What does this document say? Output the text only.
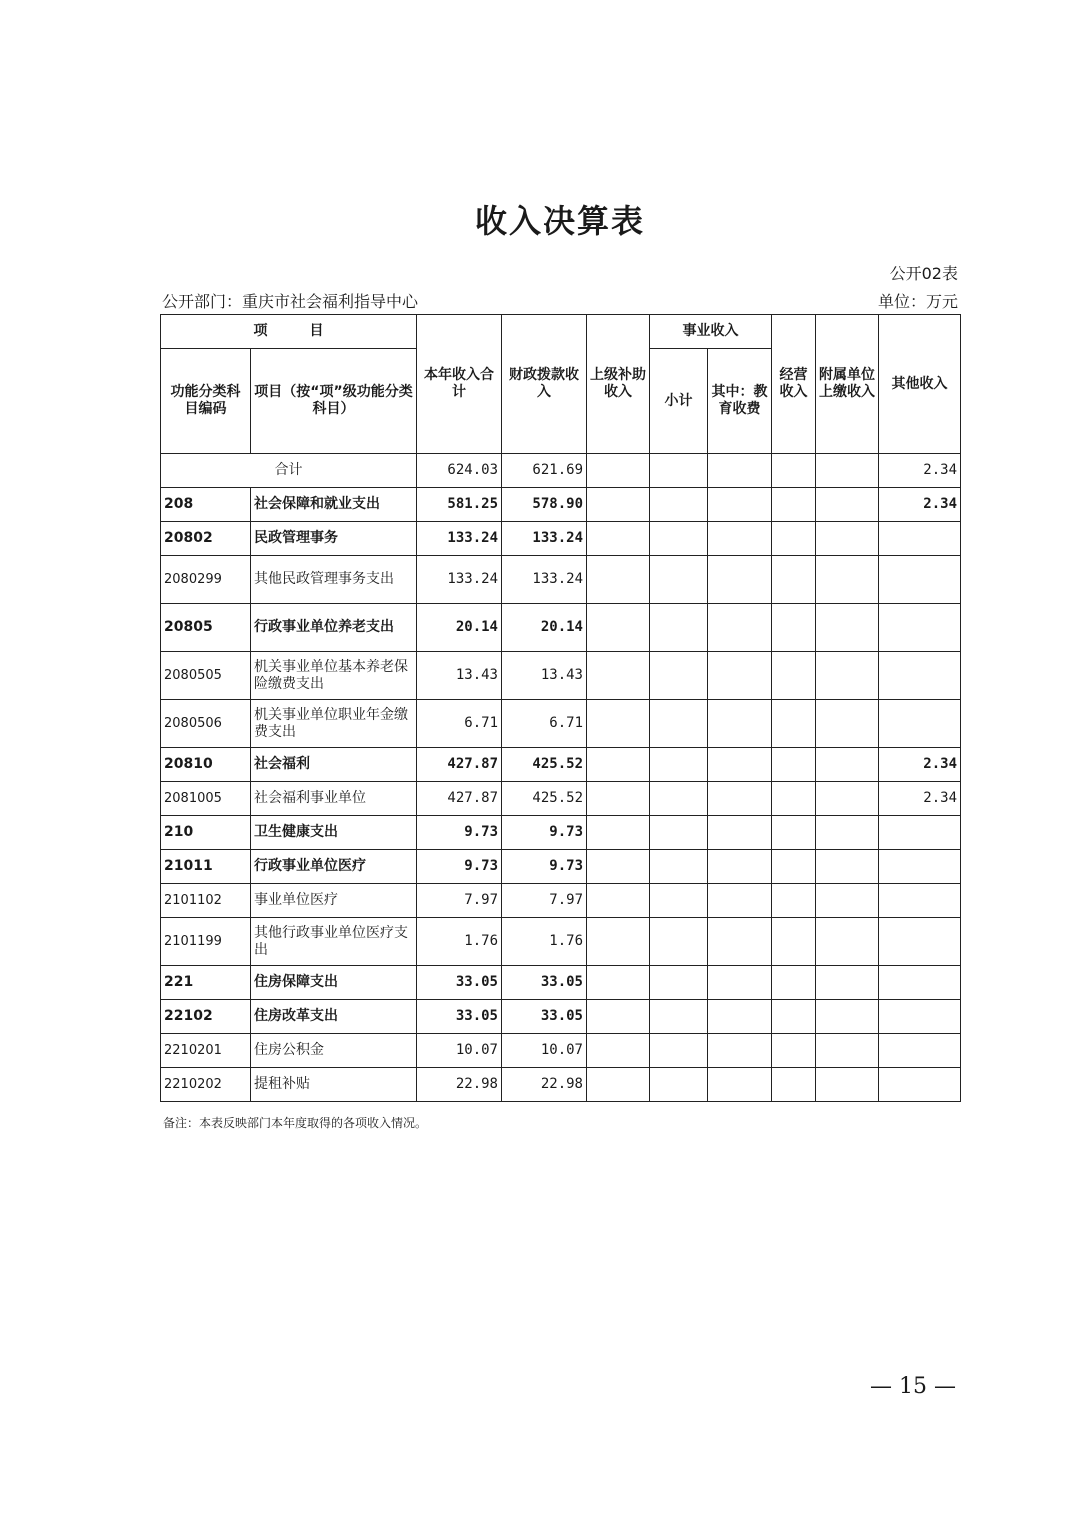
收入决算表
公开02表
公开部门：重庆市社会福利指导中心	单位：万元
项　　　目		本年收入合计	财政拨款收入	上级补助收入	事业收入		经营收入	附属单位上缴收入	其他收入
功能分类科目编码	项目（按“项”级功能分类科目）				小计	其中：教育收费			
合计		624.03	621.69						2.34
208	社会保障和就业支出	581.25	578.90						2.34
20802	民政管理事务	133.24	133.24						
2080299	其他民政管理事务支出	133.24	133.24						
20805	行政事业单位养老支出	20.14	20.14						
2080505	机关事业单位基本养老保险缴费支出	13.43	13.43						
2080506	机关事业单位职业年金缴费支出	6.71	6.71						
20810	社会福利	427.87	425.52						2.34
2081005	社会福利事业单位	427.87	425.52						2.34
210	卫生健康支出	9.73	9.73						
21011	行政事业单位医疗	9.73	9.73						
2101102	事业单位医疗	7.97	7.97						
2101199	其他行政事业单位医疗支出	1.76	1.76						
221	住房保障支出	33.05	33.05						
22102	住房改革支出	33.05	33.05						
2210201	住房公积金	10.07	10.07						
2210202	提租补贴	22.98	22.98						
备注：本表反映部门本年度取得的各项收入情况。
— 15 —
